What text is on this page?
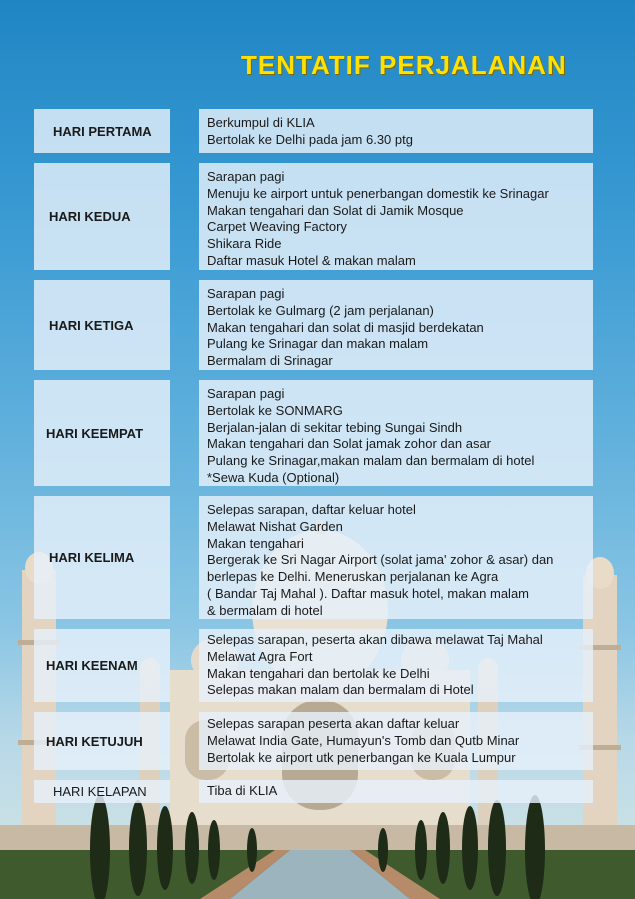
TENTATIF PERJALANAN
HARI PERTAMA
Berkumpul di KLIA
Bertolak ke Delhi pada jam 6.30 ptg
HARI KEDUA
Sarapan pagi
Menuju ke airport untuk penerbangan domestik ke Srinagar
Makan tengahari dan Solat di Jamik Mosque
Carpet Weaving Factory
Shikara Ride
Daftar masuk Hotel & makan malam
HARI KETIGA
Sarapan pagi
Bertolak ke Gulmarg (2 jam perjalanan)
Makan tengahari dan solat di masjid berdekatan
Pulang ke Srinagar dan makan malam
Bermalam di Srinagar
HARI KEEMPAT
Sarapan pagi
Bertolak ke SONMARG
Berjalan-jalan di sekitar tebing Sungai Sindh
Makan tengahari dan Solat jamak zohor dan asar
Pulang ke Srinagar,makan malam dan bermalam di hotel
*Sewa Kuda (Optional)
HARI KELIMA
Selepas sarapan, daftar keluar hotel
Melawat Nishat Garden
Makan tengahari
Bergerak ke Sri Nagar Airport (solat jama' zohor & asar) dan
berlepas ke Delhi. Meneruskan perjalanan ke Agra
( Bandar Taj Mahal ). Daftar masuk hotel, makan malam
& bermalam di hotel
HARI KEENAM
Selepas sarapan, peserta akan dibawa melawat Taj Mahal
Melawat Agra Fort
Makan tengahari dan bertolak ke Delhi
Selepas makan malam dan bermalam di Hotel
HARI KETUJUH
Selepas sarapan peserta akan daftar keluar
Melawat India Gate, Humayun's Tomb dan Qutb Minar
Bertolak ke airport utk penerbangan ke Kuala Lumpur
HARI KELAPAN	Tiba di KLIA
